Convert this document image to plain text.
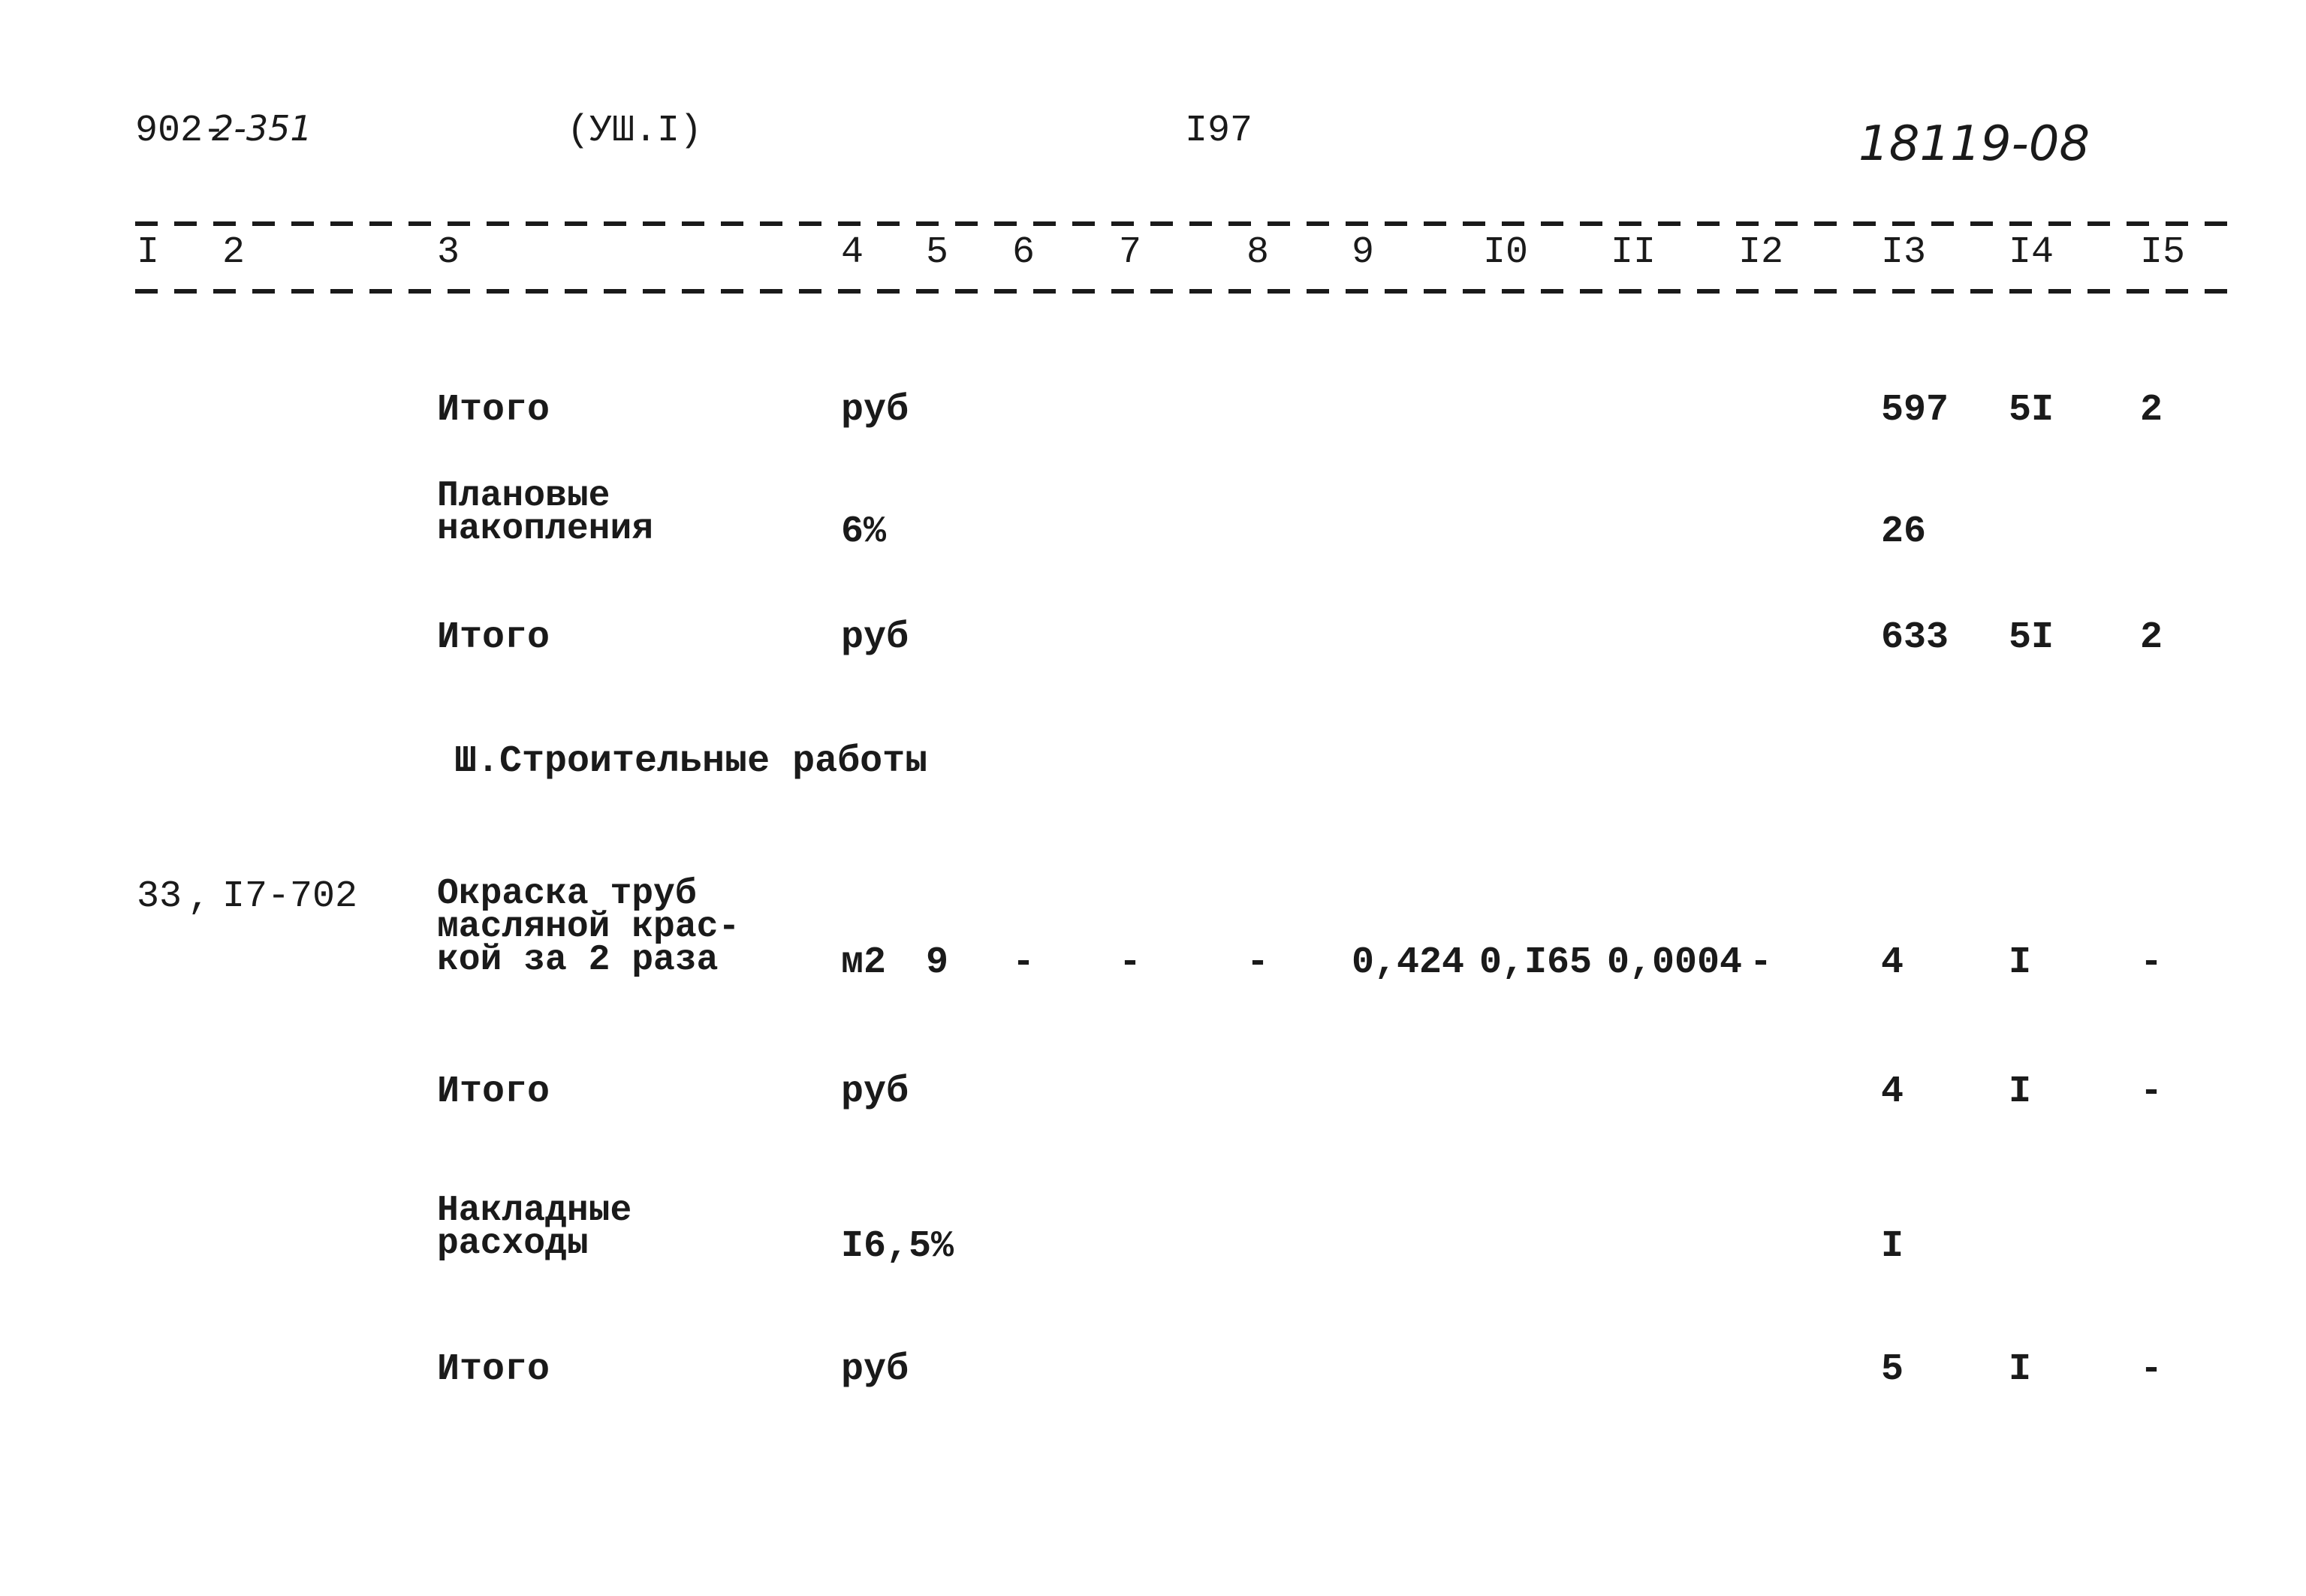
902-
2-351	(УШ.I)	I97	18119-08
I 2	3	4 5 6 7	8 9	I0 II I2	I3 I4 I5
Итого	руб	597 5I 2
Плановые
накопления	6%	26
Итого	руб	633 5I 2
Ш.Строительные работы
33 , I7-702 Окраска труб
масляной крас-
кой за 2 раза	м2 9 - -	- 0,424 0,I65 0,0004 -	4	I	-
Итого	руб	4	I	-
Накладные
расходы	I6,5%	I
Итого	руб	5	I	-
